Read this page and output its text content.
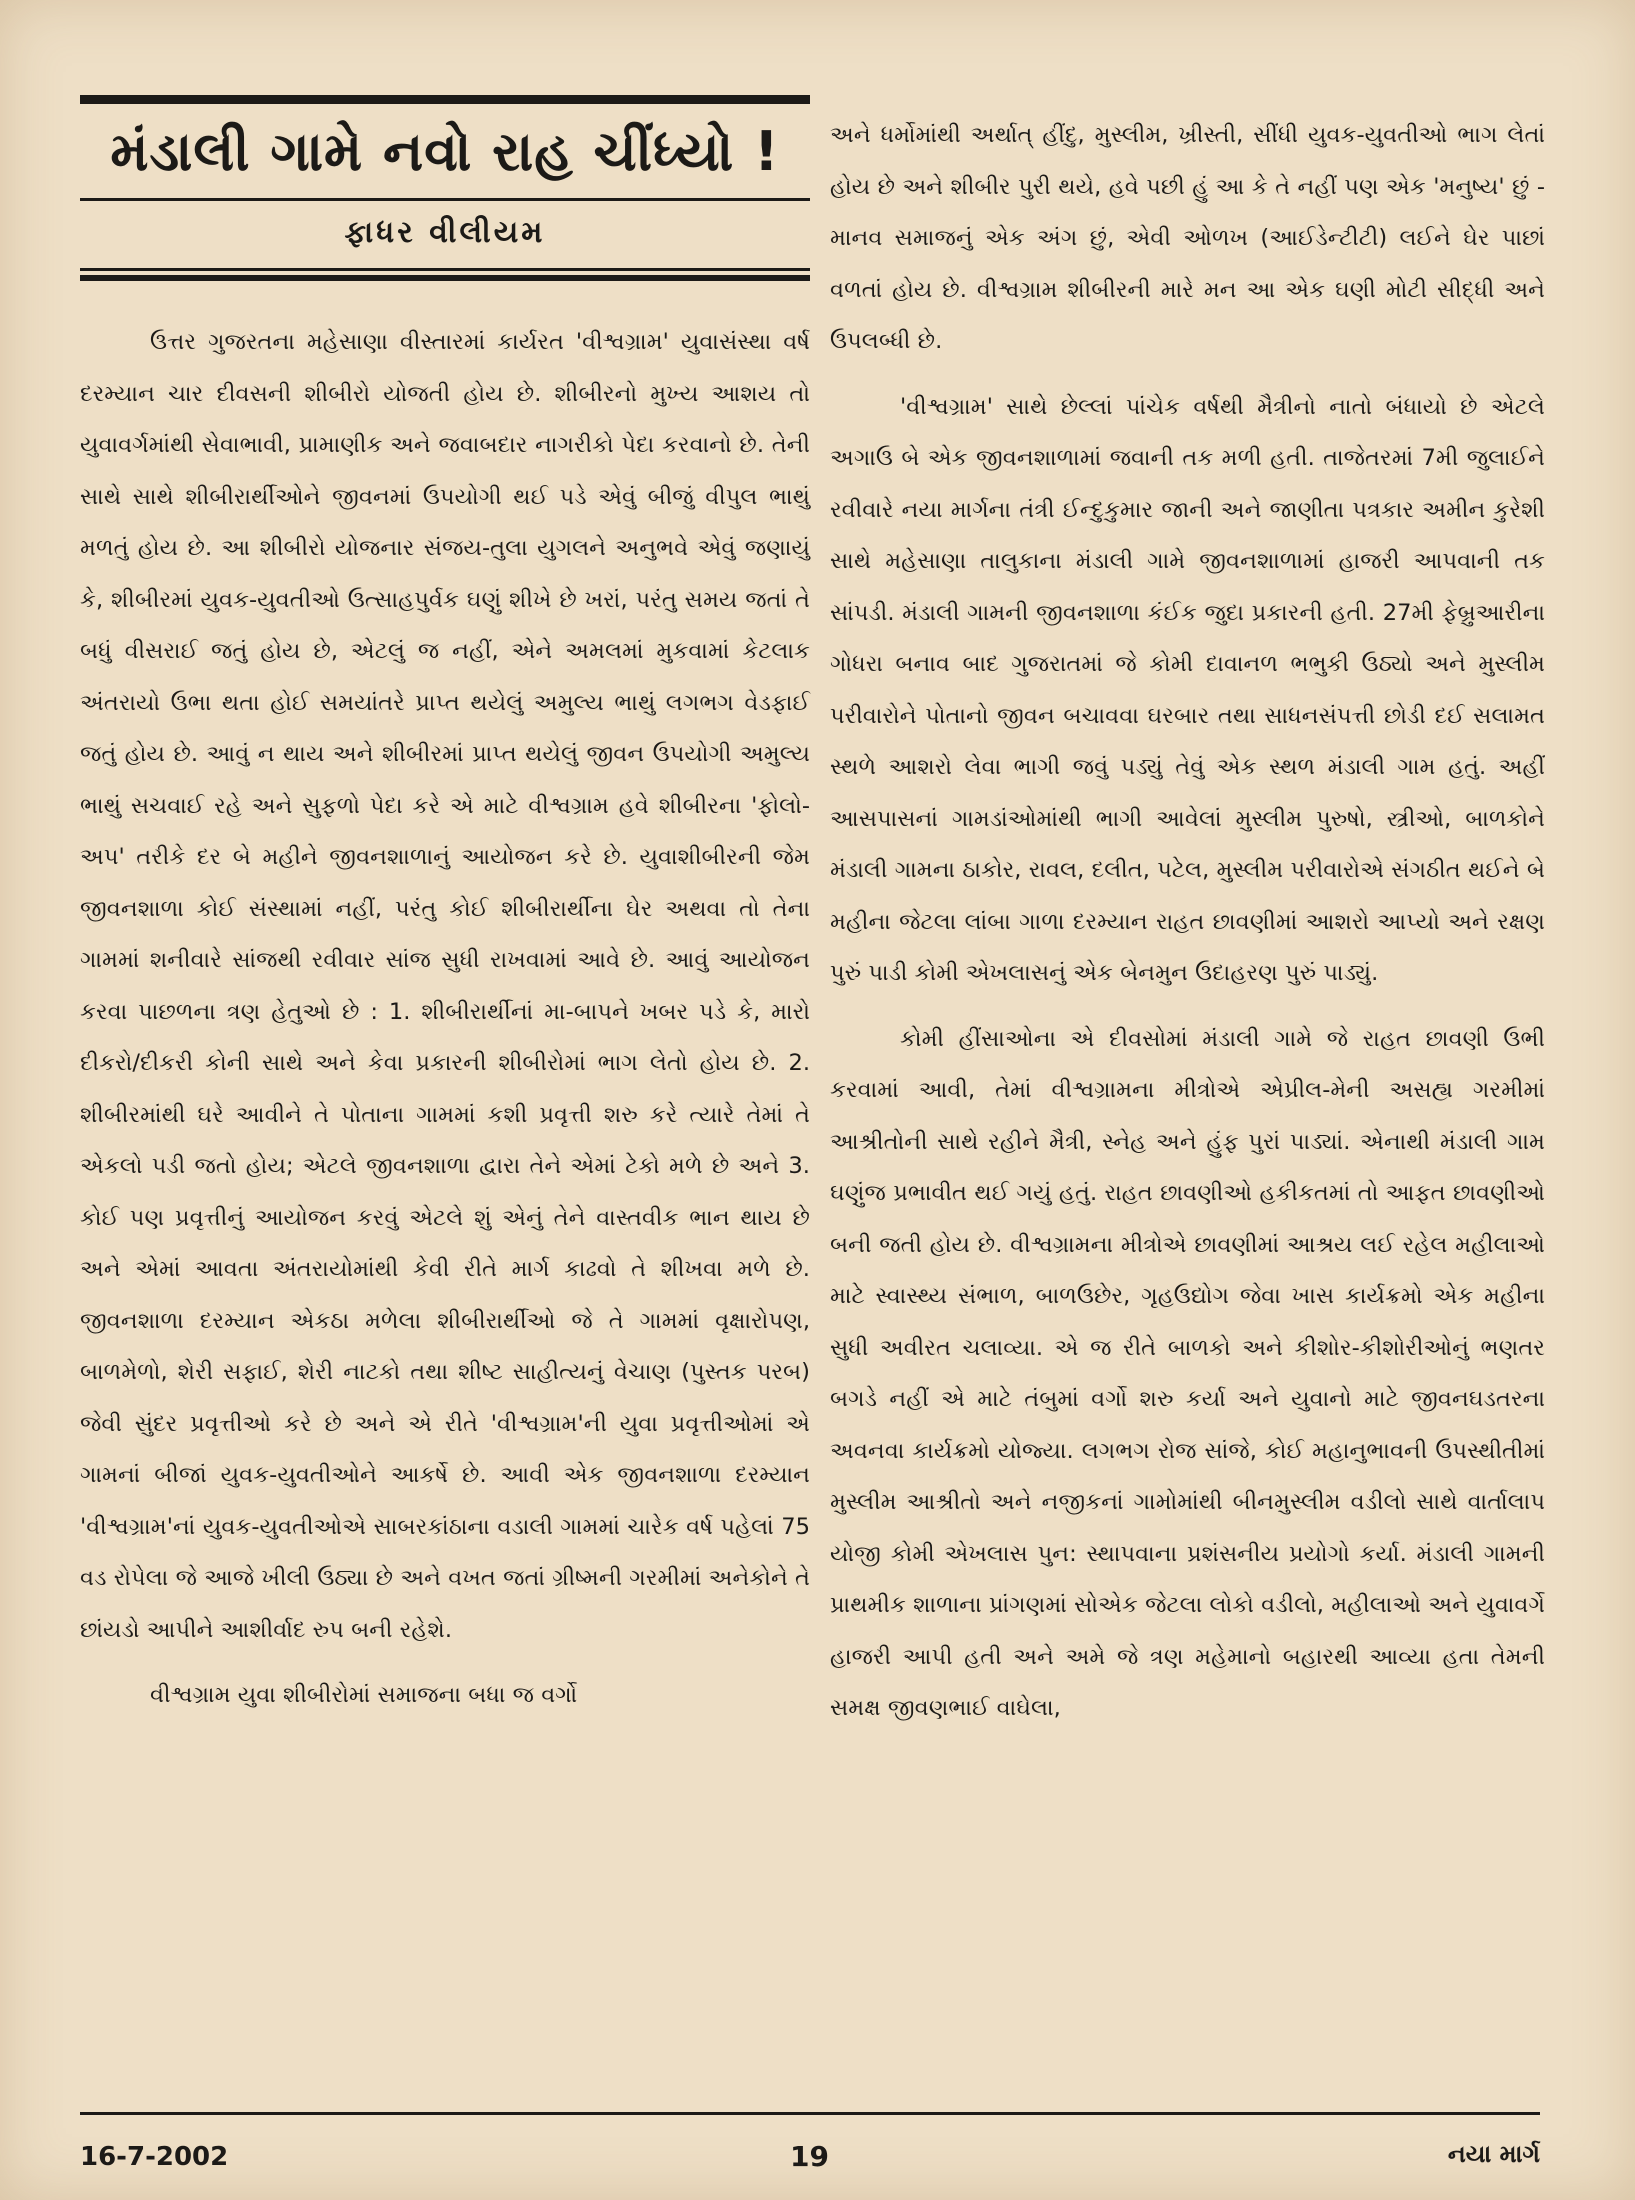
મંડાલી ગામે નવો રાહ ચીંધ્યો !
ફાધર વીલીયમ

ઉત્તર ગુજરતના મહેસાણા વીસ્તારમાં કાર્યરત 'વીશ્વગ્રામ' યુવાસંસ્થા વર્ષ દરમ્યાન ચાર દીવસની શીબીરો યોજતી હોય છે. શીબીરનો મુખ્ય આશય તો યુવાવર્ગમાંથી સેવાભાવી, પ્રામાણીક અને જવાબદાર નાગરીકો પેદા કરવાનો છે. તેની સાથે સાથે શીબીરાર્થીઓને જીવનમાં ઉપયોગી થઈ પડે એવું બીજું વીપુલ ભાથું મળતું હોય છે. આ શીબીરો યોજનાર સંજય-તુલા યુગલને અનુભવે એવું જણાયું કે, શીબીરમાં યુવક-યુવતીઓ ઉત્સાહપુર્વક ઘણું શીખે છે ખરાં, પરંતુ સમય જતાં તે બધું વીસરાઈ જતું હોય છે, એટલું જ નહીં, એને અમલમાં મુકવામાં કેટલાક અંતરાયો ઉભા થતા હોઈ સમયાંતરે પ્રાપ્ત થયેલું અમુલ્ય ભાથું લગભગ વેડફાઈ જતું હોય છે. આવું ન થાય અને શીબીરમાં પ્રાપ્ત થયેલું જીવન ઉપયોગી અમુલ્ય ભાથું સચવાઈ રહે અને સુફળો પેદા કરે એ માટે વીશ્વગ્રામ હવે શીબીરના 'ફોલો- અપ' તરીકે દર બે મહીને જીવનશાળાનું આયોજન કરે છે. યુવાશીબીરની જેમ જીવનશાળા કોઈ સંસ્થામાં નહીં, પરંતુ કોઈ શીબીરાર્થીના ઘેર અથવા તો તેના ગામમાં શનીવારે સાંજથી રવીવાર સાંજ સુધી રાખવામાં આવે છે. આવું આયોજન કરવા પાછળના ત્રણ હેતુઓ છે : 1. શીબીરાર્થીનાં મા-બાપને ખબર પડે કે, મારો દીકરો/દીકરી કોની સાથે અને કેવા પ્રકારની શીબીરોમાં ભાગ લેતો હોય છે. 2. શીબીરમાંથી ઘરે આવીને તે પોતાના ગામમાં કશી પ્રવૃત્તી શરુ કરે ત્યારે તેમાં તે એકલો પડી જતો હોય; એટલે જીવનશાળા દ્વારા તેને એમાં ટેકો મળે છે અને 3. કોઈ પણ પ્રવૃત્તીનું આયોજન કરવું એટલે શું એનું તેને વાસ્તવીક ભાન થાય છે અને એમાં આવતા અંતરાયોમાંથી કેવી રીતે માર્ગ કાઢવો તે શીખવા મળે છે. જીવનશાળા દરમ્યાન એકઠા મળેલા શીબીરાર્થીઓ જે તે ગામમાં વૃક્ષારોપણ, બાળમેળો, શેરી સફાઈ, શેરી નાટકો તથા શીષ્ટ સાહીત્યનું વેચાણ (પુસ્તક પરબ) જેવી સુંદર પ્રવૃત્તીઓ કરે છે અને એ રીતે 'વીશ્વગ્રામ'ની યુવા પ્રવૃત્તીઓમાં એ ગામનાં બીજાં યુવક-યુવતીઓને આકર્ષે છે. આવી એક જીવનશાળા દરમ્યાન 'વીશ્વગ્રામ'નાં યુવક-યુવતીઓએ સાબરકાંઠાના વડાલી ગામમાં ચારેક વર્ષ પહેલાં 75 વડ રોપેલા જે આજે ખીલી ઉઠ્યા છે અને વખત જતાં ગ્રીષ્મની ગરમીમાં અનેકોને તે છાંયડો આપીને આશીર્વાદ રુપ બની રહેશે.

વીશ્વગ્રામ યુવા શીબીરોમાં સમાજના બધા જ વર્ગો

અને ધર્મોમાંથી અર્થાત્ હીંદુ, મુસ્લીમ, ખ્રીસ્તી, સીંધી યુવક-યુવતીઓ ભાગ લેતાં હોય છે અને શીબીર પુરી થયે, હવે પછી હું આ કે તે નહીં પણ એક 'મનુષ્ય' છું - માનવ સમાજનું એક અંગ છું, એવી ઓળખ (આઈડેન્ટીટી) લઈને ઘેર પાછાં વળતાં હોય છે. વીશ્વગ્રામ શીબીરની મારે મન આ એક ઘણી મોટી સીદ્ધી અને ઉપલબ્ધી છે.

'વીશ્વગ્રામ' સાથે છેલ્લાં પાંચેક વર્ષથી મૈત્રીનો નાતો બંધાયો છે એટલે અગાઉ બે એક જીવનશાળામાં જવાની તક મળી હતી. તાજેતરમાં 7મી જુલાઈને રવીવારે નયા માર્ગના તંત્રી ઈન્દુકુમાર જાની અને જાણીતા પત્રકાર અમીન કુરેશી સાથે મહેસાણા તાલુકાના મંડાલી ગામે જીવનશાળામાં હાજરી આપવાની તક સાંપડી. મંડાલી ગામની જીવનશાળા કંઈક જુદા પ્રકારની હતી. 27મી ફેબ્રુઆરીના ગોધરા બનાવ બાદ ગુજરાતમાં જે કોમી દાવાનળ ભભુકી ઉઠ્યો અને મુસ્લીમ પરીવારોને પોતાનો જીવન બચાવવા ઘરબાર તથા સાધનસંપત્તી છોડી દઈ સલામત સ્થળે આશરો લેવા ભાગી જવું પડ્યું તેવું એક સ્થળ મંડાલી ગામ હતું. અહીં આસપાસનાં ગામડાંઓમાંથી ભાગી આવેલાં મુસ્લીમ પુરુષો, સ્ત્રીઓ, બાળકોને મંડાલી ગામના ઠાકોર, રાવલ, દલીત, પટેલ, મુસ્લીમ પરીવારોએ સંગઠીત થઈને બે મહીના જેટલા લાંબા ગાળા દરમ્યાન રાહત છાવણીમાં આશરો આપ્યો અને રક્ષણ પુરું પાડી કોમી એખલાસનું એક બેનમુન ઉદાહરણ પુરું પાડ્યું.

કોમી હીંસાઓના એ દીવસોમાં મંડાલી ગામે જે રાહત છાવણી ઉભી કરવામાં આવી, તેમાં વીશ્વગ્રામના મીત્રોએ એપ્રીલ-મેની અસહ્ય ગરમીમાં આશ્રીતોની સાથે રહીને મૈત્રી, સ્નેહ અને હુંફ પુરાં પાડ્યાં. એનાથી મંડાલી ગામ ઘણુંજ પ્રભાવીત થઈ ગયું હતું. રાહત છાવણીઓ હકીકતમાં તો આફત છાવણીઓ બની જતી હોય છે. વીશ્વગ્રામના મીત્રોએ છાવણીમાં આશ્રય લઈ રહેલ મહીલાઓ માટે સ્વાસ્થ્ય સંભાળ, બાળઉછેર, ગૃહઉદ્યોગ જેવા ખાસ કાર્યક્રમો એક મહીના સુધી અવીરત ચલાવ્યા. એ જ રીતે બાળકો અને કીશોર-કીશોરીઓનું ભણતર બગડે નહીં એ માટે તંબુમાં વર્ગો શરુ કર્યા અને યુવાનો માટે જીવનઘડતરના અવનવા કાર્યક્રમો યોજ્યા. લગભગ રોજ સાંજે, કોઈ મહાનુભાવની ઉપસ્થીતીમાં મુસ્લીમ આશ્રીતો અને નજીકનાં ગામોમાંથી બીનમુસ્લીમ વડીલો સાથે વાર્તાલાપ યોજી કોમી એખલાસ પુન: સ્થાપવાના પ્રશંસનીય પ્રયોગો કર્યા. મંડાલી ગામની પ્રાથમીક શાળાના પ્રાંગણમાં સોએક જેટલા લોકો વડીલો, મહીલાઓ અને યુવાવર્ગે હાજરી આપી હતી અને અમે જે ત્રણ મહેમાનો બહારથી આવ્યા હતા તેમની સમક્ષ જીવણભાઈ વાઘેલા,

16-7-2002	19	નયા માર્ગ
